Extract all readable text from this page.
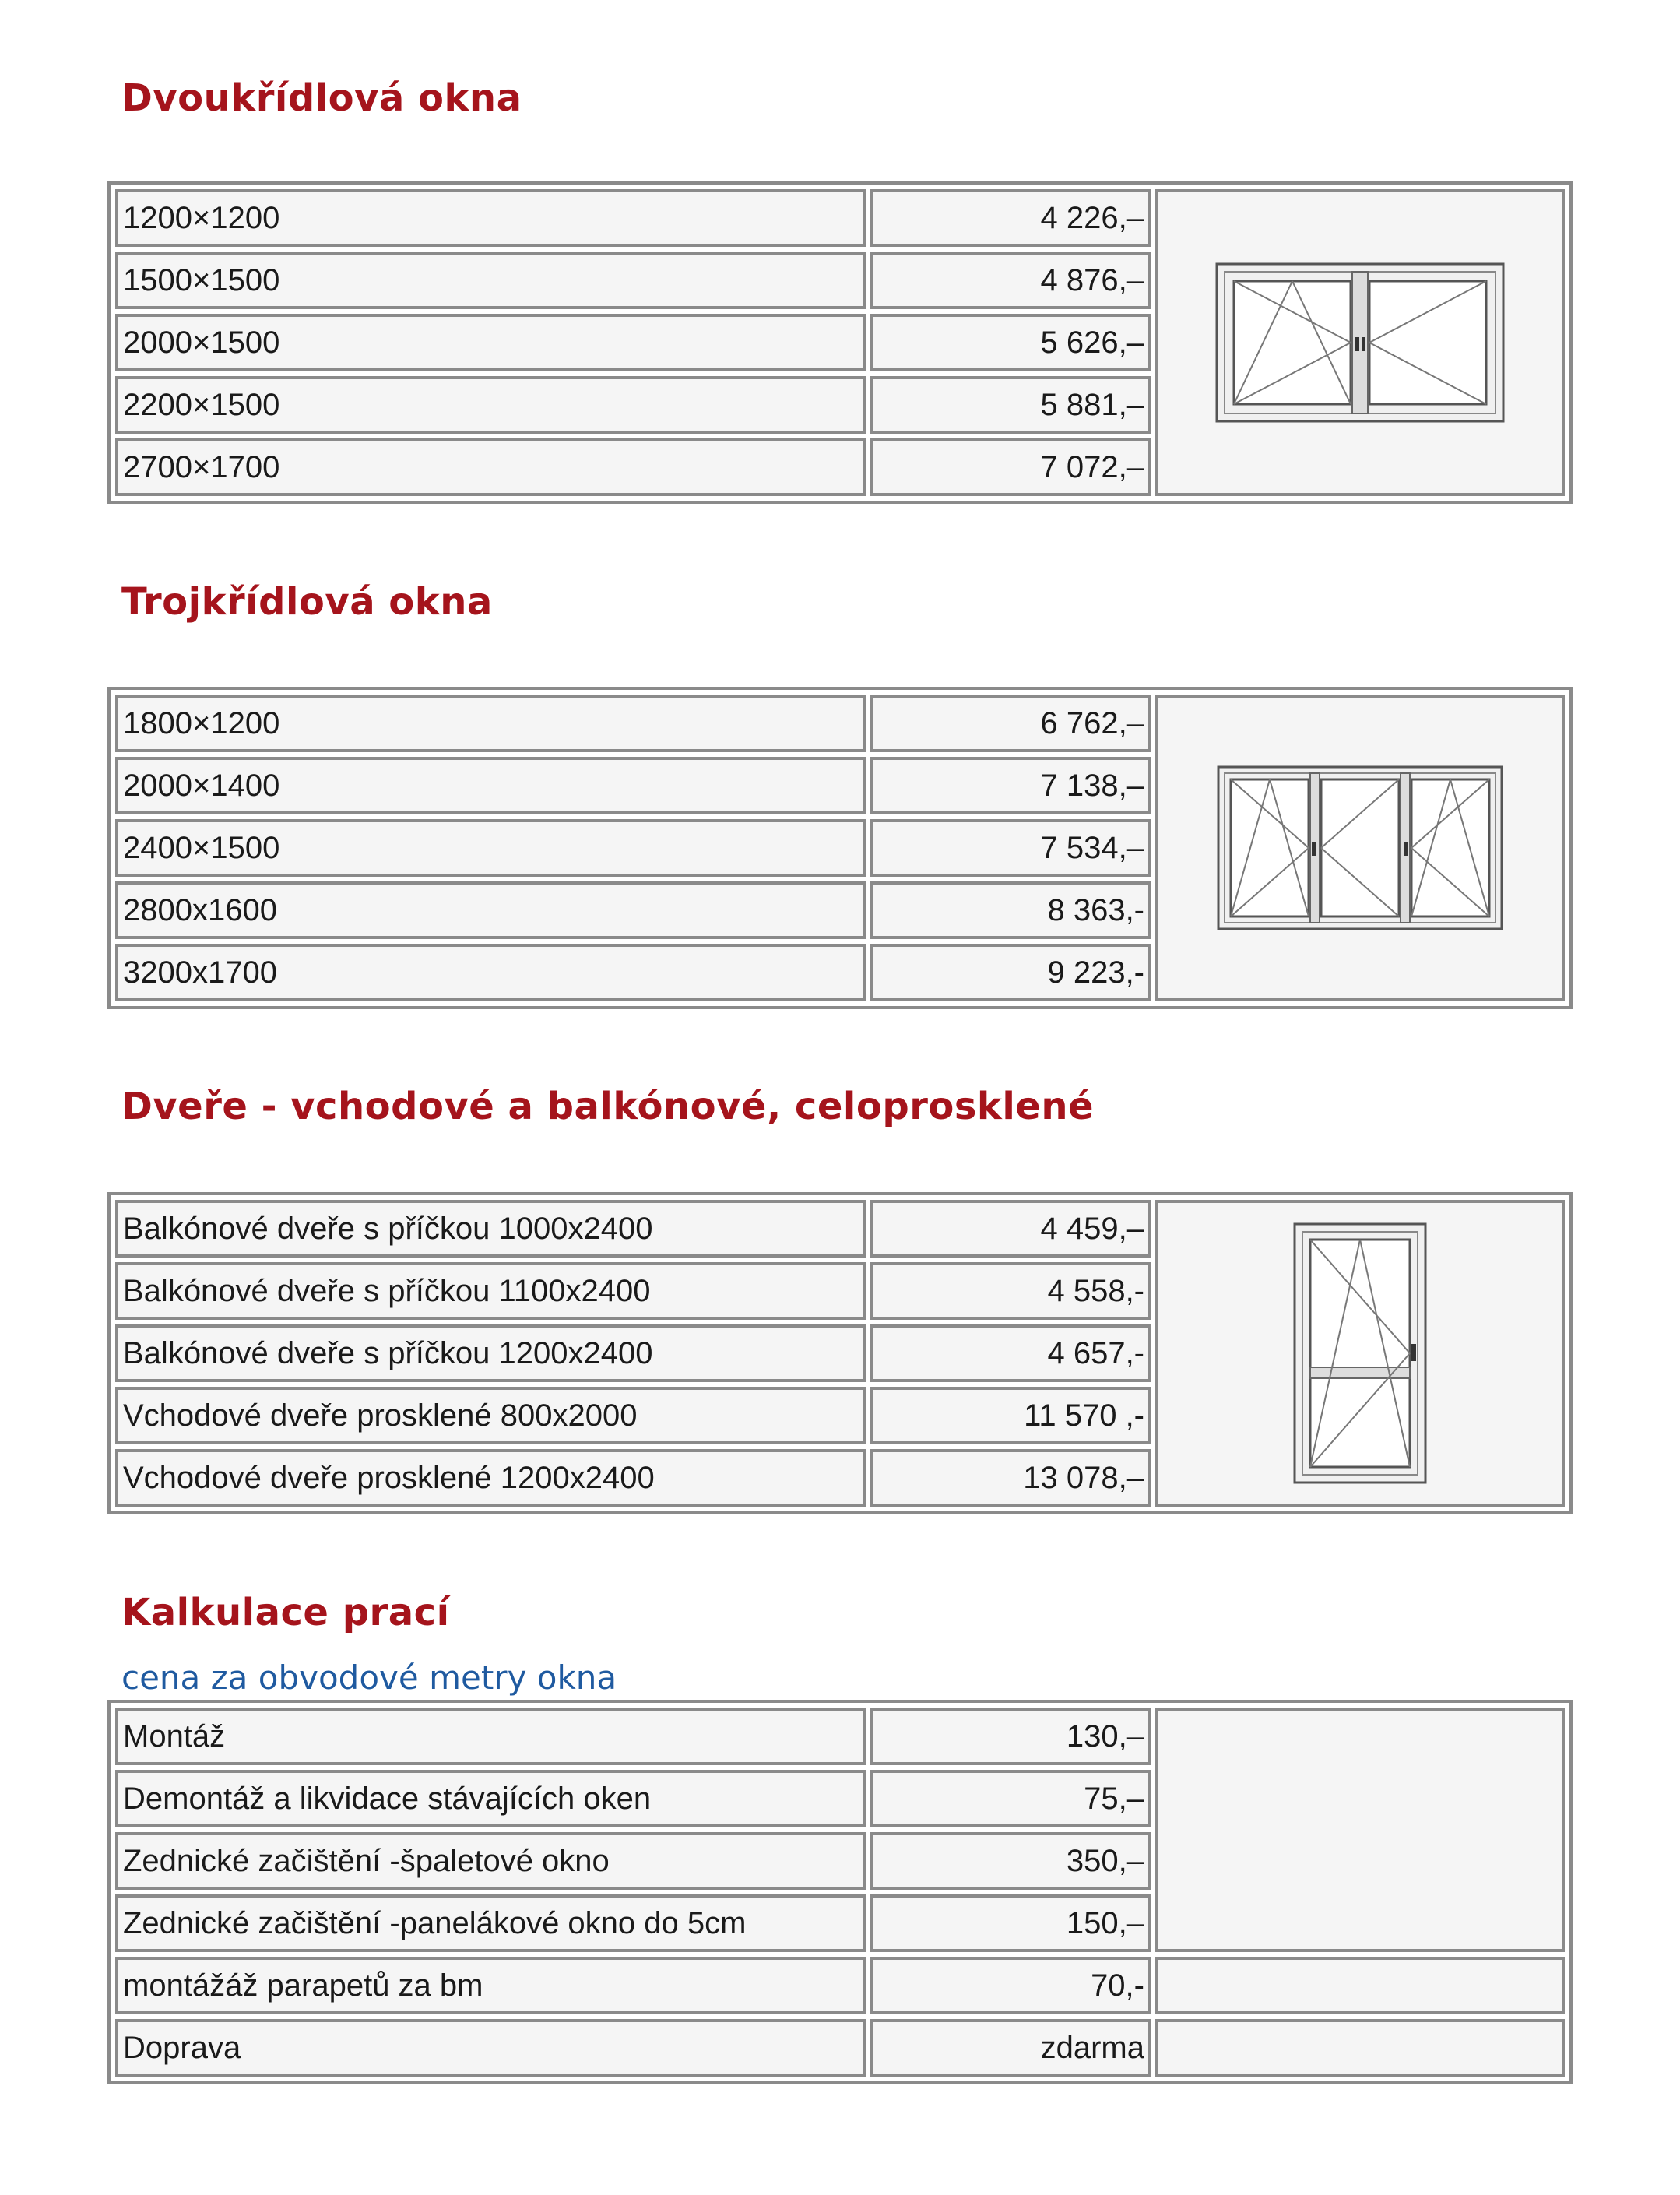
Dvoukřídlová okna
1200×1200	4 226,–	

1500×1500	4 876,–	
2000×1500	5 626,–	
2200×1500	5 881,–	
2700×1700	7 072,–	
Trojkřídlová okna
1800×1200	6 762,–	

2000×1400	7 138,–	
2400×1500	7 534,–	
2800x1600	8 363,-	
3200x1700	9 223,-	
Dveře - vchodové a balkónové, celoprosklené
Balkónové dveře s příčkou 1000x2400	4 459,–	

Balkónové dveře s příčkou 1100x2400	4 558,-	
Balkónové dveře s příčkou 1200x2400	4 657,-	
Vchodové dveře prosklené 800x2000	11 570 ,-	
Vchodové dveře prosklené 1200x2400	13 078,–	
Kalkulace prací

cena za obvodové metry okna

Montáž	130,–	
Demontáž a likvidace stávajících oken	75,–	
Zednické začištění -špaletové okno	350,–	
Zednické začištění -panelákové okno do 5cm	150,–	
montážáž parapetů za bm	70,-	
Doprava	zdarma	
